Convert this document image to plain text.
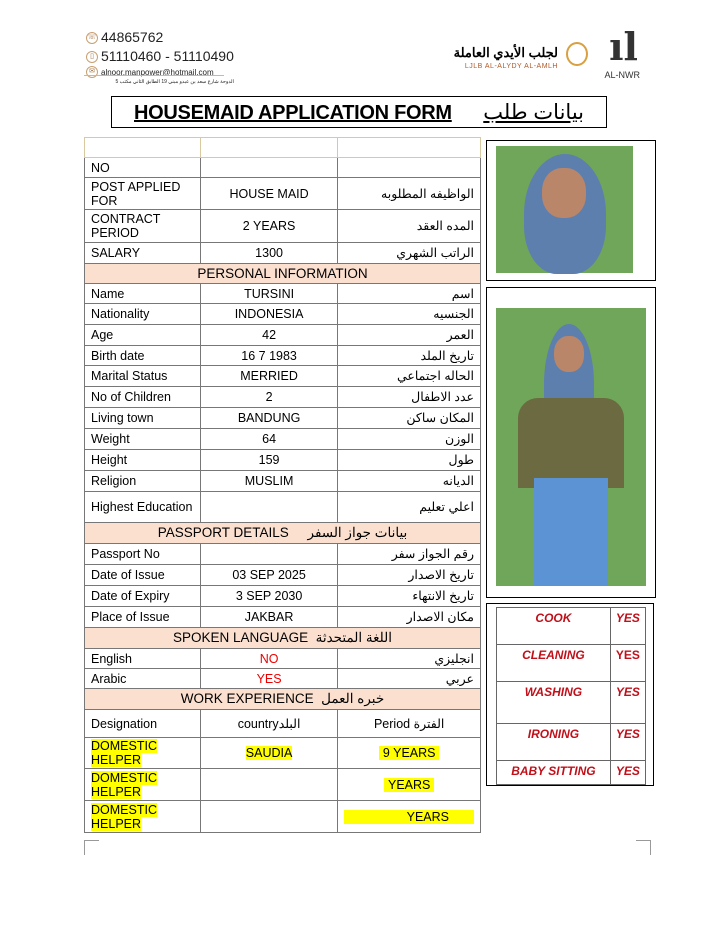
☏ 44865762
▯ 51110460 - 51110490
✉ alnoor.manpower@hotmail.com
الدوحة شارع سعد بن عبدو مبني 19 الطابق الثاني مكتب 5
لجلب الأيدي العاملة
LJLB AL-ALYDY AL-AMLH ıl
AL-NWR
HOUSEMAID APPLICATION FORM بيانات طلب

NO		
POST APPLIED FOR	HOUSE MAID	الواظيفه المطلوبه
CONTRACT PERIOD	2 YEARS	المده العقد
SALARY	1300	الراتب الشهري
PERSONAL INFORMATION		
Name	TURSINI	اسم
Nationality	INDONESIA	الجنسيه
Age	42	العمر
Birth date	16 7 1983	تاريخ الملد
Marital Status	MERRIED	الحاله اجتماعي
No of Children	2	عدد الاطفال
Living town	BANDUNG	المكان ساكن
Weight	64	الوزن
Height	159	طول
Religion	MUSLIM	الديانه
Highest Education		اعلي تعليم
PASSPORT DETAILS بيانات جواز السفر		
Passport No		رقم الجواز سفر
Date of Issue	03 SEP 2025	تاريخ الاصدار
Date of Expiry	3 SEP 2030	تاريخ الانتهاء
Place of Issue	JAKBAR	مكان الاصدار
SPOKEN LANGUAGE اللغة المتحدثة		
English	NO	انجليزي
Arabic	YES	عربي
WORK EXPERIENCE خبره العمل		
Designation	countryالبلد	Period الفترة
DOMESTIC HELPER	SAUDIA	9 YEARS
DOMESTIC HELPER		YEARS
DOMESTIC HELPER		YEARS
COOK	YES
CLEANING	YES
WASHING	YES
IRONING	YES
BABY SITTING	YES
